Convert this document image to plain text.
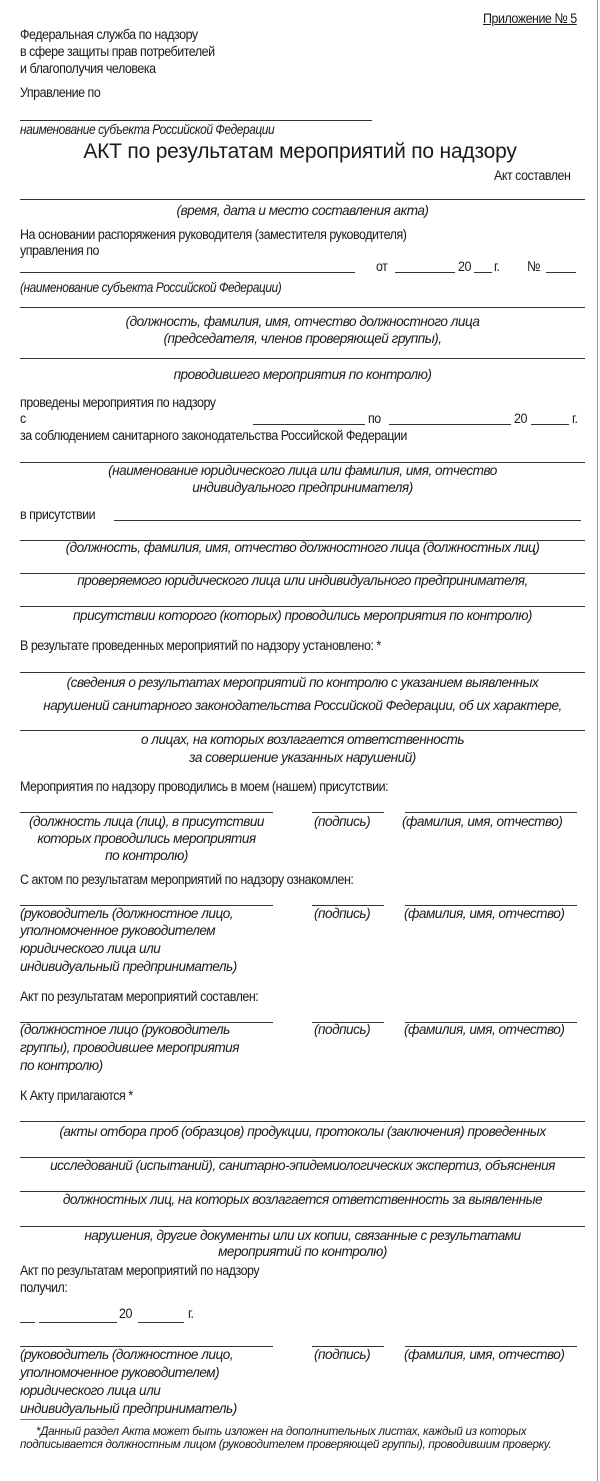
Приложение № 5
Федеральная служба по надзору
в сфере защиты прав потребителей
и благополучия человека
Управление по
наименование субъекта Российской Федерации
АКТ по результатам мероприятий по надзору
Акт составлен
(время, дата и место составления акта)
На основании распоряжения руководителя (заместителя руководителя)
управления по
от	20 г. №
(наименование субъекта Российской Федерации)
(должность, фамилия, имя, отчество должностного лица
(председателя, членов проверяющей группы),
проводившего мероприятия по контролю)
проведены мероприятия по надзору
с	по	20	г.
за соблюдением санитарного законодательства Российской Федерации
(наименование юридического лица или фамилия, имя, отчество
индивидуального предпринимателя)
в присутствии
(должность, фамилия, имя, отчество должностного лица (должностных лиц)
проверяемого юридического лица или индивидуального предпринимателя,
присутствии которого (которых) проводились мероприятия по контролю)
В результате проведенных мероприятий по надзору установлено: *
(сведения о результатах мероприятий по контролю с указанием выявленных
нарушений санитарного законодательства Российской Федерации, об их характере,
о лицах, на которых возлагается ответственность
за совершение указанных нарушений)
Мероприятия по надзору проводились в моем (нашем) присутствии:
(должность лица (лиц), в присутствии
которых проводились мероприятия
по контролю)
(подпись) (фамилия, имя, отчество)
С актом по результатам мероприятий по надзору ознакомлен:
(руководитель (должностное лицо,
уполномоченное руководителем
юридического лица или
индивидуальный предприниматель)
(подпись) (фамилия, имя, отчество)
Акт по результатам мероприятий составлен:
(должностное лицо (руководитель
группы), проводившее мероприятия
по контролю)
(подпись) (фамилия, имя, отчество)
К Акту прилагаются *
(акты отбора проб (образцов) продукции, протоколы (заключения) проведенных
исследований (испытаний), санитарно-эпидемиологических экспертиз, объяснения
должностных лиц, на которых возлагается ответственность за выявленные
нарушения, другие документы или их копии, связанные с результатами
мероприятий по контролю)
Акт по результатам мероприятий по надзору
получил:
20	г.
(руководитель (должностное лицо,
уполномоченное руководителем)
юридического лица или
индивидуальный предприниматель)
(подпись) (фамилия, имя, отчество)
*Данный раздел Акта может быть изложен на дополнительных листах, каждый из которых подписывается должностным лицом (руководителем проверяющей группы), проводившим проверку.
